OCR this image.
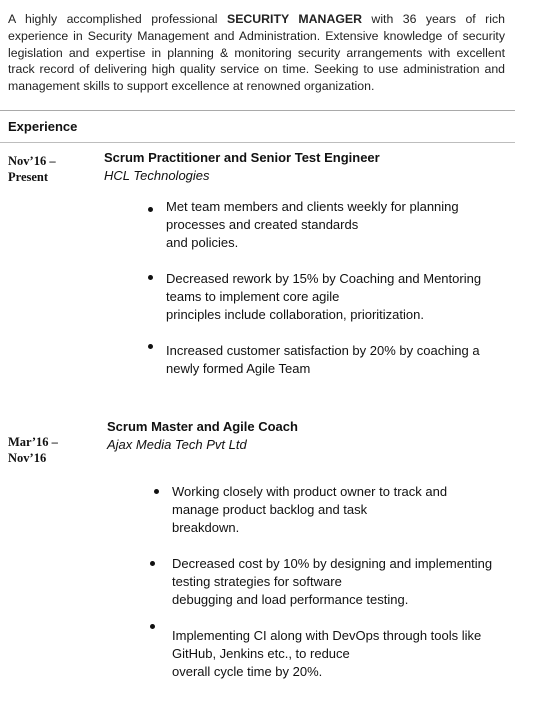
A highly accomplished professional SECURITY MANAGER with 36 years of rich experience in Security Management and Administration. Extensive knowledge of security legislation and expertise in planning & monitoring security arrangements with excellent track record of delivering high quality service on time. Seeking to use administration and management skills to support excellence at renowned organization.
Experience
Nov’16 –
Present
Scrum Practitioner and Senior Test Engineer
HCL Technologies
Met team members and clients weekly for planning
processes and created standards
and policies.
Decreased rework by 15% by Coaching and Mentoring
teams to implement core agile
principles include collaboration, prioritization.
Increased customer satisfaction by 20% by coaching a
newly formed Agile Team
Mar’16 –
Nov’16
Scrum Master and Agile Coach
Ajax Media Tech Pvt Ltd
Working closely with product owner to track and
manage product backlog and task
breakdown.
Decreased cost by 10% by designing and implementing
testing strategies for software
debugging and load performance testing.
Implementing CI along with DevOps through tools like
GitHub, Jenkins etc., to reduce
overall cycle time by 20%.
